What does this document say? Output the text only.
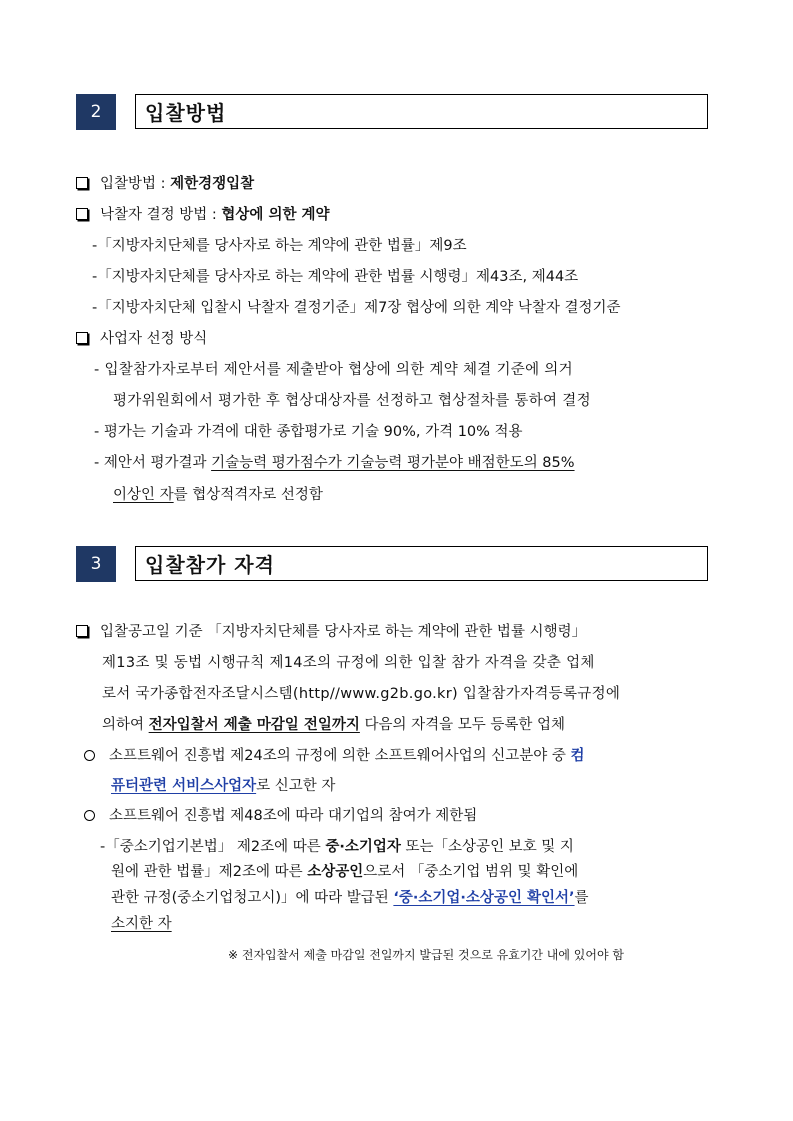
2	입찰방법
입찰방법 : 제한경쟁입찰
낙찰자 결정 방법 : 협상에 의한 계약
-「지방자치단체를 당사자로 하는 계약에 관한 법률」제9조
-「지방자치단체를 당사자로 하는 계약에 관한 법률 시행령」제43조, 제44조
-「지방자치단체 입찰시 낙찰자 결정기준」제7장 협상에 의한 계약 낙찰자 결정기준
사업자 선정 방식
- 입찰참가자로부터 제안서를 제출받아 협상에 의한 계약 체결 기준에 의거
평가위원회에서 평가한 후 협상대상자를 선정하고 협상절차를 통하여 결정
- 평가는 기술과 가격에 대한 종합평가로 기술 90%, 가격 10% 적용
- 제안서 평가결과 기술능력 평가점수가 기술능력 평가분야 배점한도의 85%
이상인 자를 협상적격자로 선정함
3	입찰참가 자격
입찰공고일 기준 「지방자치단체를 당사자로 하는 계약에 관한 법률 시행령」
제13조 및 동법 시행규칙 제14조의 규정에 의한 입찰 참가 자격을 갖춘 업체
로서 국가종합전자조달시스템(http//www.g2b.go.kr) 입찰참가자격등록규정에
의하여 전자입찰서 제출 마감일 전일까지 다음의 자격을 모두 등록한 업체
소프트웨어 진흥법 제24조의 규정에 의한 소프트웨어사업의 신고분야 중 컴
퓨터관련 서비스사업자로 신고한 자
소프트웨어 진흥법 제48조에 따라 대기업의 참여가 제한됨
-「중소기업기본법」 제2조에 따른 중·소기업자 또는「소상공인 보호 및 지
원에 관한 법률」제2조에 따른 소상공인으로서 「중소기업 범위 및 확인에
관한 규정(중소기업청고시)」에 따라 발급된 ‘중·소기업·소상공인 확인서’를
소지한 자
※ 전자입찰서 제출 마감일 전일까지 발급된 것으로 유효기간 내에 있어야 함
